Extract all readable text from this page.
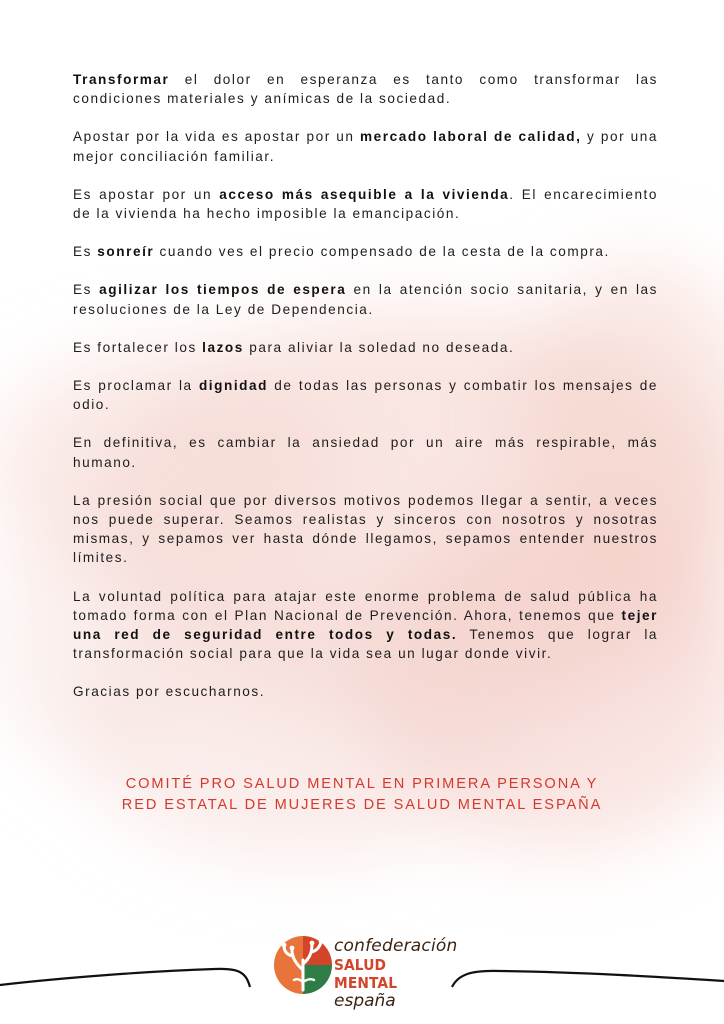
Transformar el dolor en esperanza es tanto como transformar las condiciones materiales y anímicas de la sociedad.

Apostar por la vida es apostar por un mercado laboral de calidad, y por una mejor conciliación familiar.

Es apostar por un acceso más asequible a la vivienda. El encarecimiento de la vivienda ha hecho imposible la emancipación.

Es sonreír cuando ves el precio compensado de la cesta de la compra.

Es agilizar los tiempos de espera en la atención socio sanitaria, y en las resoluciones de la Ley de Dependencia.

Es fortalecer los lazos para aliviar la soledad no deseada.

Es proclamar la dignidad de todas las personas y combatir los mensajes de odio.

En definitiva, es cambiar la ansiedad por un aire más respirable, más humano.

La presión social que por diversos motivos podemos llegar a sentir, a veces nos puede superar. Seamos realistas y sinceros con nosotros y nosotras mismas, y sepamos ver hasta dónde llegamos, sepamos entender nuestros límites.

La voluntad política para atajar este enorme problema de salud pública ha tomado forma con el Plan Nacional de Prevención. Ahora, tenemos que tejer una red de seguridad entre todos y todas. Tenemos que lograr la transformación social para que la vida sea un lugar donde vivir.

Gracias por escucharnos.

COMITÉ PRO SALUD MENTAL EN PRIMERA PERSONA Y
RED ESTATAL DE MUJERES DE SALUD MENTAL ESPAÑA
confederación
SALUD MENTAL
españa
